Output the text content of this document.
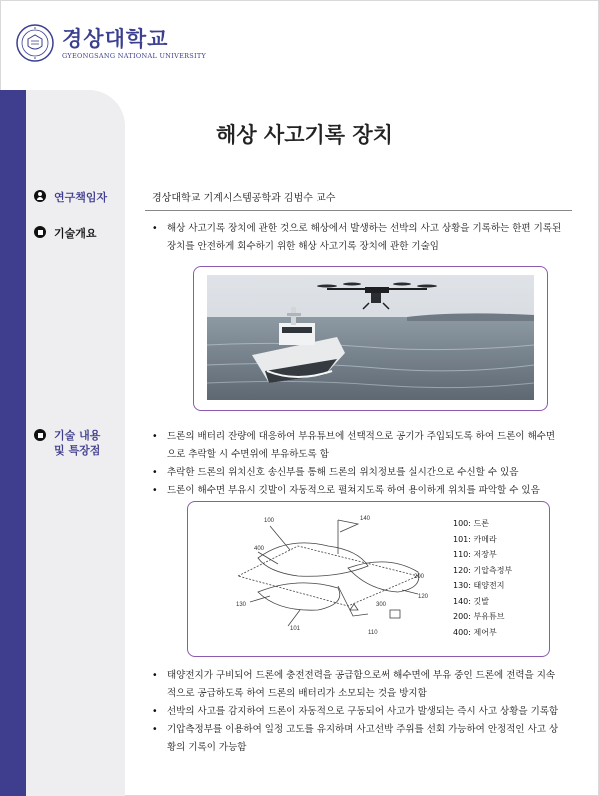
경상대학교
GYEONGSANG NATIONAL UNIVERSITY
해상 사고기록 장치
연구책임자	경상대학교 기계시스템공학과 김범수 교수
기술개요
•	해상 사고기록 장치에 관한 것으로 해상에서 발생하는 선박의 사고 상황을 기록하는 한편 기록된 장치를 안전하게 회수하기 위한 해상 사고기록 장치에 관한 기술임
기술 내용
및 특장점
• 드론의 배터리 잔량에 대응하여 부유튜브에 선택적으로 공기가 주입되도록 하여 드론이 해수면으로 추락할 시 수면위에 부유하도록 함
• 추락한 드론의 위치신호 송신부를 통해 드론의 위치정보를 실시간으로 수신할 수 있음
• 드론이 해수면 부유시 깃발이 자동적으로 펼쳐지도록 하여 용이하게 위치를 파악할 수 있음
100	140
400
200
120
130	300
101
110
100: 드론
101: 카메라
110: 저장부
120: 기압측정부
130: 태양전지
140: 깃발
200: 부유튜브
400: 제어부
• 태양전지가 구비되어 드론에 충전전력을 공급함으로써 해수면에 부유 중인 드론에 전력을 지속적으로 공급하도록 하여 드론의 배터리가 소모되는 것을 방지함
• 선박의 사고를 감지하여 드론이 자동적으로 구동되어 사고가 발생되는 즉시 사고 상황을 기록함
• 기압측정부를 이용하여 일정 고도를 유지하며 사고선박 주위를 선회 가능하여 안정적인 사고 상황의 기록이 가능함
